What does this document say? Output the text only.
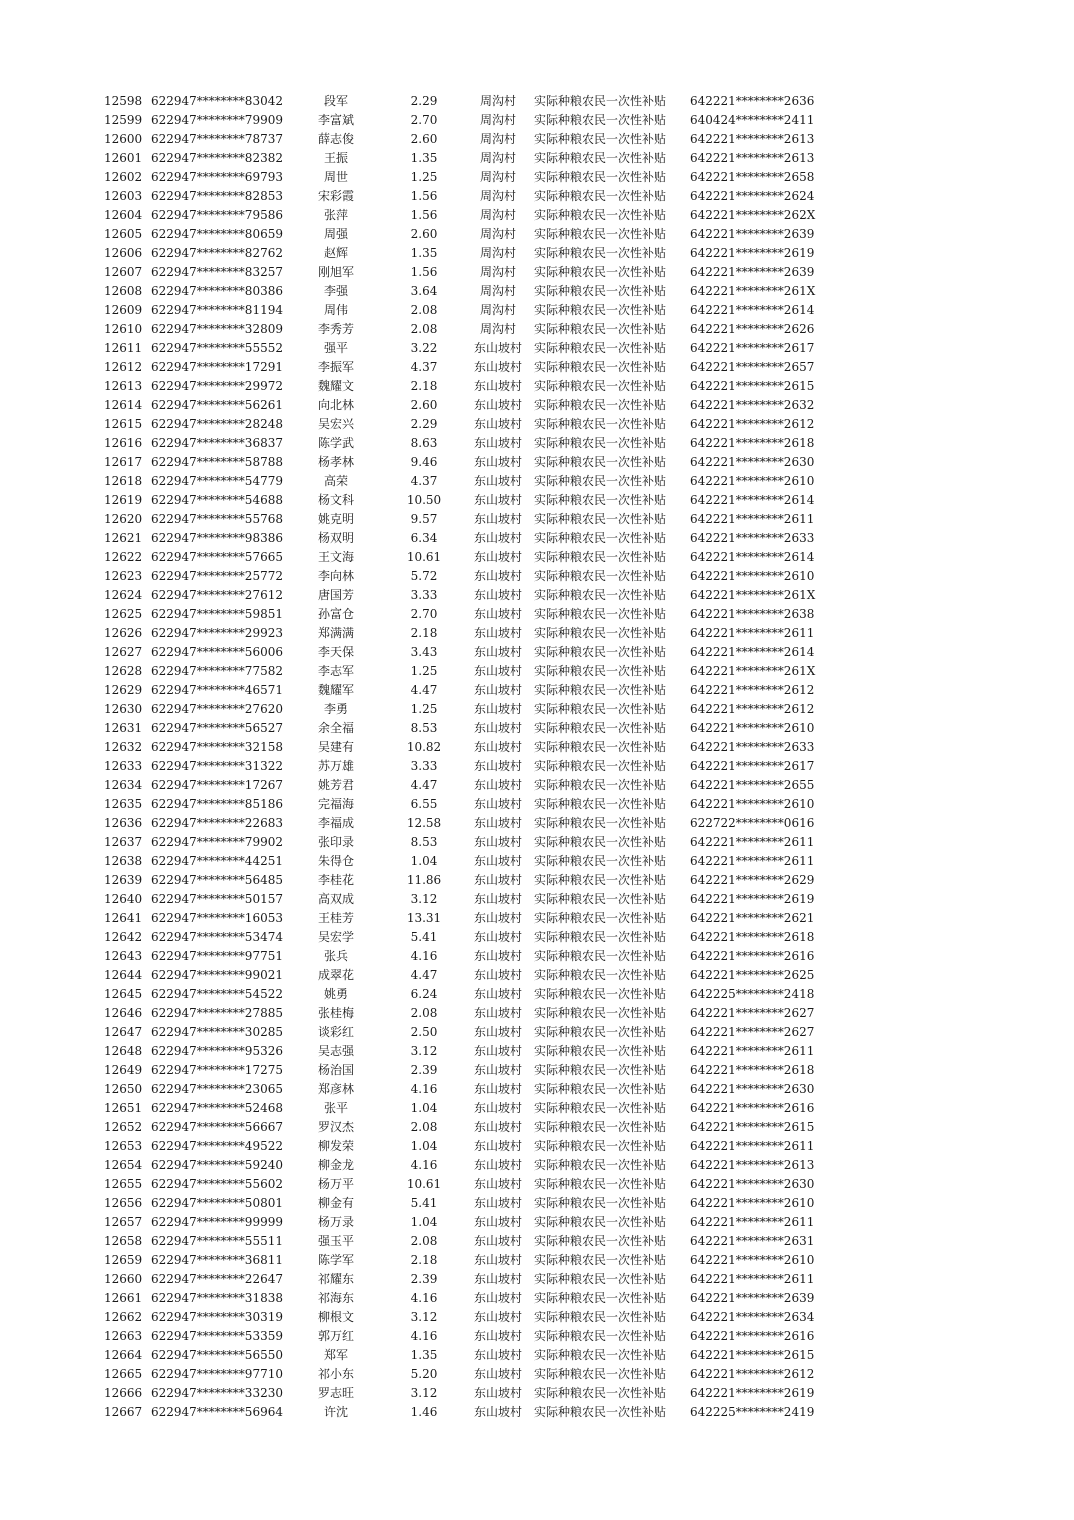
12598 622947********83042	段军	2.29	周沟村	实际种粮农民一次性补贴	642221********2636
12599 622947********79909	李富斌	2.70	周沟村	实际种粮农民一次性补贴	640424********2411
12600 622947********78737	薛志俊	2.60	周沟村	实际种粮农民一次性补贴	642221********2613
12601 622947********82382	王振	1.35	周沟村	实际种粮农民一次性补贴	642221********2613
12602 622947********69793	周世	1.25	周沟村	实际种粮农民一次性补贴	642221********2658
12603 622947********82853	宋彩霞	1.56	周沟村	实际种粮农民一次性补贴	642221********2624
12604 622947********79586	张萍	1.56	周沟村	实际种粮农民一次性补贴	642221********262X
12605 622947********80659	周强	2.60	周沟村	实际种粮农民一次性补贴	642221********2639
12606 622947********82762	赵辉	1.35	周沟村	实际种粮农民一次性补贴	642221********2619
12607 622947********83257	刚旭军	1.56	周沟村	实际种粮农民一次性补贴	642221********2639
12608 622947********80386	李强	3.64	周沟村	实际种粮农民一次性补贴	642221********261X
12609 622947********81194	周伟	2.08	周沟村	实际种粮农民一次性补贴	642221********2614
12610 622947********32809	李秀芳	2.08	周沟村	实际种粮农民一次性补贴	642221********2626
12611 622947********55552	强平	3.22	东山坡村	实际种粮农民一次性补贴	642221********2617
12612 622947********17291	李振军	4.37	东山坡村	实际种粮农民一次性补贴	642221********2657
12613 622947********29972	魏耀文	2.18	东山坡村	实际种粮农民一次性补贴	642221********2615
12614 622947********56261	向北林	2.60	东山坡村	实际种粮农民一次性补贴	642221********2632
12615 622947********28248	吴宏兴	2.29	东山坡村	实际种粮农民一次性补贴	642221********2612
12616 622947********36837	陈学武	8.63	东山坡村	实际种粮农民一次性补贴	642221********2618
12617 622947********58788	杨孝林	9.46	东山坡村	实际种粮农民一次性补贴	642221********2630
12618 622947********54779	高荣	4.37	东山坡村	实际种粮农民一次性补贴	642221********2610
12619 622947********54688	杨文科	10.50	东山坡村	实际种粮农民一次性补贴	642221********2614
12620 622947********55768	姚克明	9.57	东山坡村	实际种粮农民一次性补贴	642221********2611
12621 622947********98386	杨双明	6.34	东山坡村	实际种粮农民一次性补贴	642221********2633
12622 622947********57665	王文海	10.61	东山坡村	实际种粮农民一次性补贴	642221********2614
12623 622947********25772	李向林	5.72	东山坡村	实际种粮农民一次性补贴	642221********2610
12624 622947********27612	唐国芳	3.33	东山坡村	实际种粮农民一次性补贴	642221********261X
12625 622947********59851	孙富仓	2.70	东山坡村	实际种粮农民一次性补贴	642221********2638
12626 622947********29923	郑满满	2.18	东山坡村	实际种粮农民一次性补贴	642221********2611
12627 622947********56006	李天保	3.43	东山坡村	实际种粮农民一次性补贴	642221********2614
12628 622947********77582	李志军	1.25	东山坡村	实际种粮农民一次性补贴	642221********261X
12629 622947********46571	魏耀军	4.47	东山坡村	实际种粮农民一次性补贴	642221********2612
12630 622947********27620	李勇	1.25	东山坡村	实际种粮农民一次性补贴	642221********2612
12631 622947********56527	余全福	8.53	东山坡村	实际种粮农民一次性补贴	642221********2610
12632 622947********32158	吴建有	10.82	东山坡村	实际种粮农民一次性补贴	642221********2633
12633 622947********31322	苏万雄	3.33	东山坡村	实际种粮农民一次性补贴	642221********2617
12634 622947********17267	姚芳君	4.47	东山坡村	实际种粮农民一次性补贴	642221********2655
12635 622947********85186	完福海	6.55	东山坡村	实际种粮农民一次性补贴	642221********2610
12636 622947********22683	李福成	12.58	东山坡村	实际种粮农民一次性补贴	622722********0616
12637 622947********79902	张印录	8.53	东山坡村	实际种粮农民一次性补贴	642221********2611
12638 622947********44251	朱得仓	1.04	东山坡村	实际种粮农民一次性补贴	642221********2611
12639 622947********56485	李桂花	11.86	东山坡村	实际种粮农民一次性补贴	642221********2629
12640 622947********50157	高双成	3.12	东山坡村	实际种粮农民一次性补贴	642221********2619
12641 622947********16053	王桂芳	13.31	东山坡村	实际种粮农民一次性补贴	642221********2621
12642 622947********53474	吴宏学	5.41	东山坡村	实际种粮农民一次性补贴	642221********2618
12643 622947********97751	张兵	4.16	东山坡村	实际种粮农民一次性补贴	642221********2616
12644 622947********99021	成翠花	4.47	东山坡村	实际种粮农民一次性补贴	642221********2625
12645 622947********54522	姚勇	6.24	东山坡村	实际种粮农民一次性补贴	642225********2418
12646 622947********27885	张桂梅	2.08	东山坡村	实际种粮农民一次性补贴	642221********2627
12647 622947********30285	谈彩红	2.50	东山坡村	实际种粮农民一次性补贴	642221********2627
12648 622947********95326	吴志强	3.12	东山坡村	实际种粮农民一次性补贴	642221********2611
12649 622947********17275	杨治国	2.39	东山坡村	实际种粮农民一次性补贴	642221********2618
12650 622947********23065	郑彦林	4.16	东山坡村	实际种粮农民一次性补贴	642221********2630
12651 622947********52468	张平	1.04	东山坡村	实际种粮农民一次性补贴	642221********2616
12652 622947********56667	罗汉杰	2.08	东山坡村	实际种粮农民一次性补贴	642221********2615
12653 622947********49522	柳发荣	1.04	东山坡村	实际种粮农民一次性补贴	642221********2611
12654 622947********59240	柳金龙	4.16	东山坡村	实际种粮农民一次性补贴	642221********2613
12655 622947********55602	杨万平	10.61	东山坡村	实际种粮农民一次性补贴	642221********2630
12656 622947********50801	柳金有	5.41	东山坡村	实际种粮农民一次性补贴	642221********2610
12657 622947********99999	杨万录	1.04	东山坡村	实际种粮农民一次性补贴	642221********2611
12658 622947********55511	强玉平	2.08	东山坡村	实际种粮农民一次性补贴	642221********2631
12659 622947********36811	陈学军	2.18	东山坡村	实际种粮农民一次性补贴	642221********2610
12660 622947********22647	祁耀东	2.39	东山坡村	实际种粮农民一次性补贴	642221********2611
12661 622947********31838	祁海东	4.16	东山坡村	实际种粮农民一次性补贴	642221********2639
12662 622947********30319	柳根文	3.12	东山坡村	实际种粮农民一次性补贴	642221********2634
12663 622947********53359	郭万红	4.16	东山坡村	实际种粮农民一次性补贴	642221********2616
12664 622947********56550	郑军	1.35	东山坡村	实际种粮农民一次性补贴	642221********2615
12665 622947********97710	祁小东	5.20	东山坡村	实际种粮农民一次性补贴	642221********2612
12666 622947********33230	罗志旺	3.12	东山坡村	实际种粮农民一次性补贴	642221********2619
12667 622947********56964	许沈	1.46	东山坡村	实际种粮农民一次性补贴	642225********2419
